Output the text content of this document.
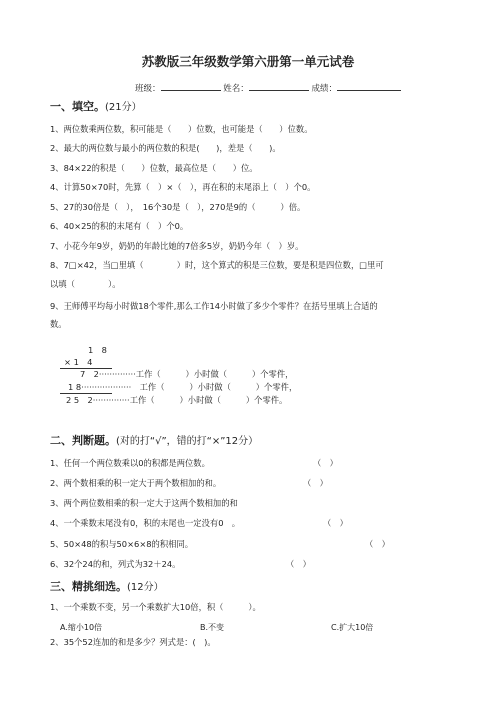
苏教版三年级数学第六册第一单元试卷
班级：	姓名：	成绩：
一、填空。(21分）
1、两位数乘两位数，积可能是（　　）位数，也可能是（　　）位数。
2、最大的两位数与最小的两位数的积是(　　)，差是（　　)。
3、84×22的积是（　　）位数，最高位是（　　）位。
4、计算50×70时，先算（　）×（　），再在积的末尾添上（　）个0。
5、27的30倍是（　），　16个30是（　），270是9的（　　　）倍。
6、40×25的积的末尾有（　）个0。
7、小花今年9岁，奶奶的年龄比她的7倍多5岁，奶奶今年（　）岁。
8、7□×42，当□里填（　　　　）时，这个算式的积是三位数，要是积是四位数，□里可
以填（　　　　）。
9、王师傅平均每小时做18个零件,那么工作14小时做了多少个零件？在括号里填上合适的
数。
1　8
× 1　4
7　2··············工作（　　　）小时做（　　　）个零件，
1 8···················　工作（　　　）小时做（　　　）个零件，
2 5　2··············工作（　　　）小时做（　　　）个零件。
二、判断题。(对的打“√”，错的打“×”12分）
1、任何一个两位数乘以0的积都是两位数。	（　）
2、两个数相乘的积一定大于两个数相加的和。	（　）
3、两个两位数相乘的积一定大于这两个数相加的和
4、一个乘数末尾没有0，积的末尾也一定没有0　。	（　）
5、50×48的积与50×6×8的积相同。	（　）
6、32个24的和，列式为32＋24。	（　）
三、精挑细选。(12分）
1、一个乘数不变，另一个乘数扩大10倍，积（　　　）。
A.缩小10倍	B.不变	C.扩大10倍
2、35个52连加的和是多少？列式是：(　)。
